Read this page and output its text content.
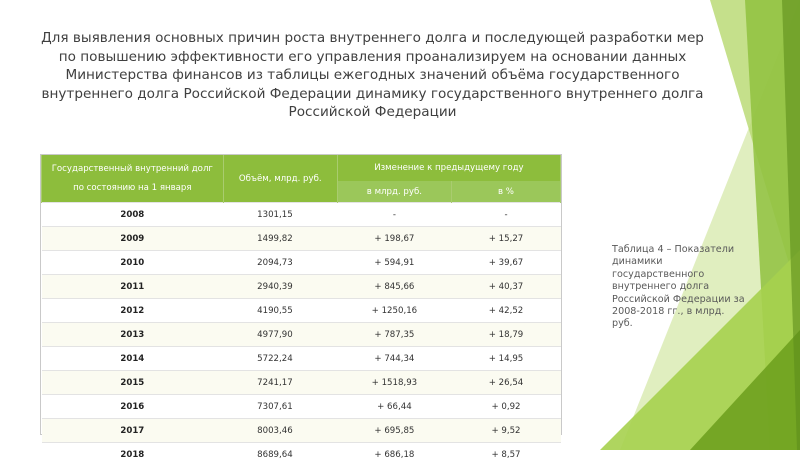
Для выявления основных причин роста внутреннего долга и последующей разработки мер по повышению эффективности его управления проанализируем на основании данных Министерства финансов из таблицы ежегодных значений объёма государственного внутреннего долга Российской Федерации динамику государственного внутреннего долга Российской Федерации

Государственный внутренний долг по состоянию на 1 января	Объём, млрд. руб.	Изменение к предыдущему году	
		в млрд. руб.	в %
2008	1301,15	-	-
2009	1499,82	+ 198,67	+ 15,27
2010	2094,73	+ 594,91	+ 39,67
2011	2940,39	+ 845,66	+ 40,37
2012	4190,55	+ 1250,16	+ 42,52
2013	4977,90	+ 787,35	+ 18,79
2014	5722,24	+ 744,34	+ 14,95
2015	7241,17	+ 1518,93	+ 26,54
2016	7307,61	+ 66,44	+ 0,92
2017	8003,46	+ 695,85	+ 9,52
2018	8689,64	+ 686,18	+ 8,57

Таблица 4 – Показатели динамики государственного внутреннего долга Российской Федерации за 2008-2018 гг., в млрд. руб.
